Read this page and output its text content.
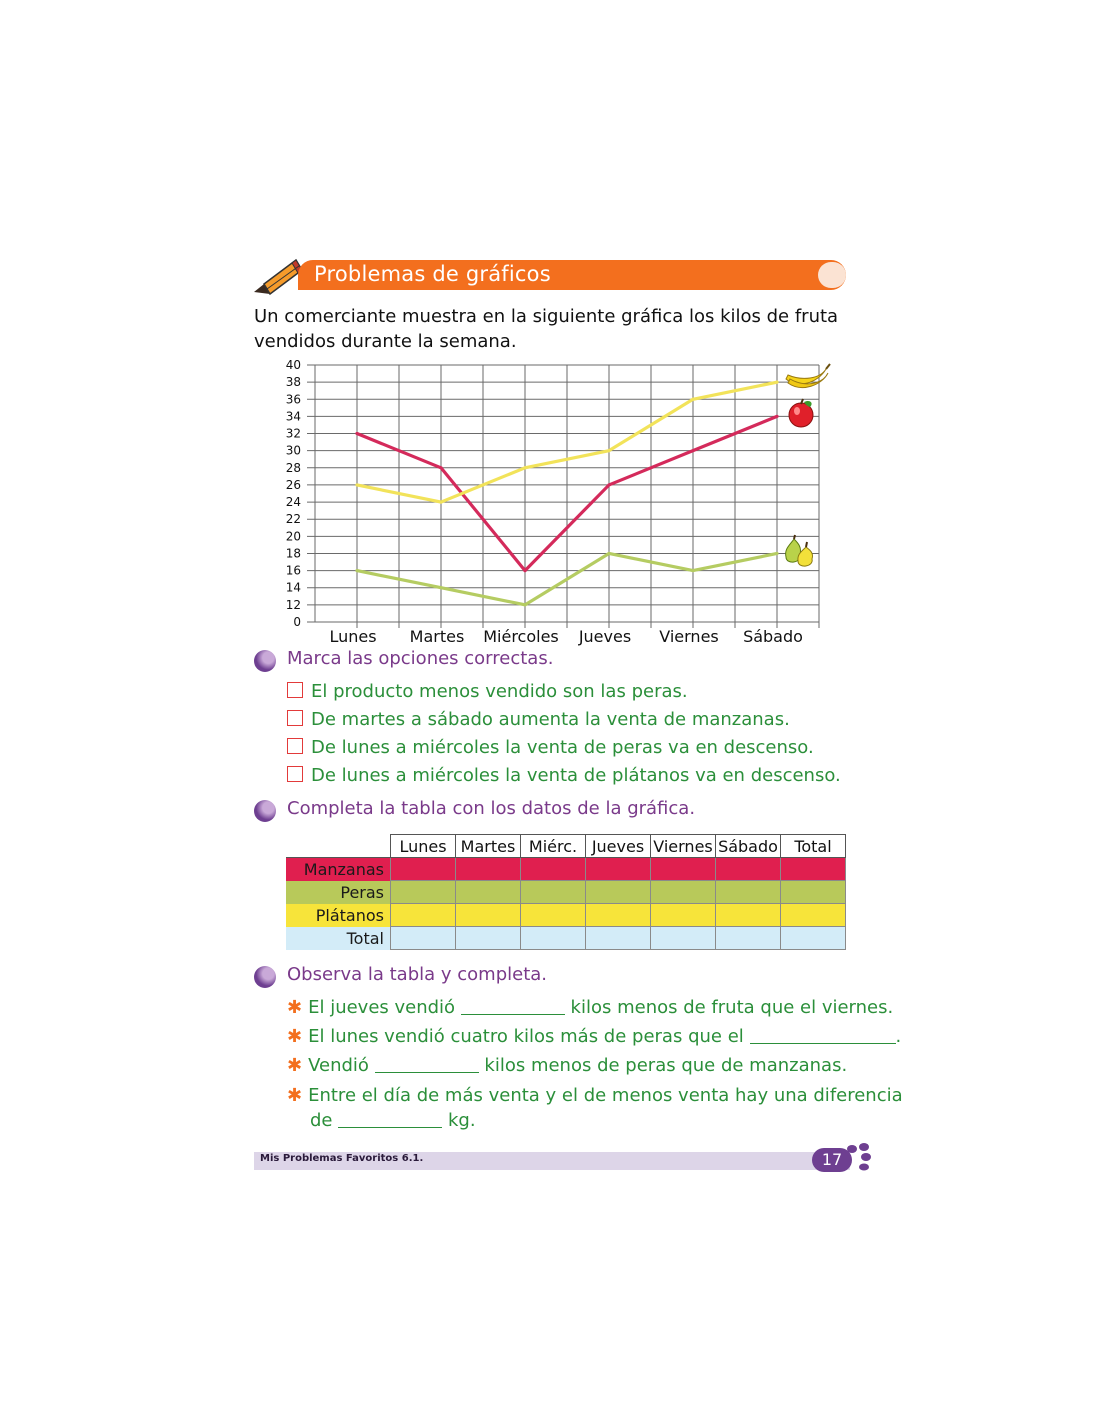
Problemas de gráficos
Un comerciante muestra en la siguiente gráfica los kilos de fruta vendidos durante la semana.
0
12
14
16
18
20
22
24
26
28
30
32
34
36
38
40
Lunes Martes Miércoles Jueves Viernes Sábado
Marca las opciones correctas.
El producto menos vendido son las peras.
De martes a sábado aumenta la venta de manzanas.
De lunes a miércoles la venta de peras va en descenso.
De lunes a miércoles la venta de plátanos va en descenso.
Completa la tabla con los datos de la gráfica.
	Lunes	Martes	Miérc.	Jueves	Viernes	Sábado	Total
Manzanas							
Peras							
Plátanos							
Total							
Observa la tabla y completa.
✱ El jueves vendió	kilos menos de fruta que el viernes.
✱ El lunes vendió cuatro kilos más de peras que el	.
✱ Vendió	kilos menos de peras que de manzanas.
✱ Entre el día de más venta y el de menos venta hay una diferencia
de	kg.
Mis Problemas Favoritos 6.1.	17
